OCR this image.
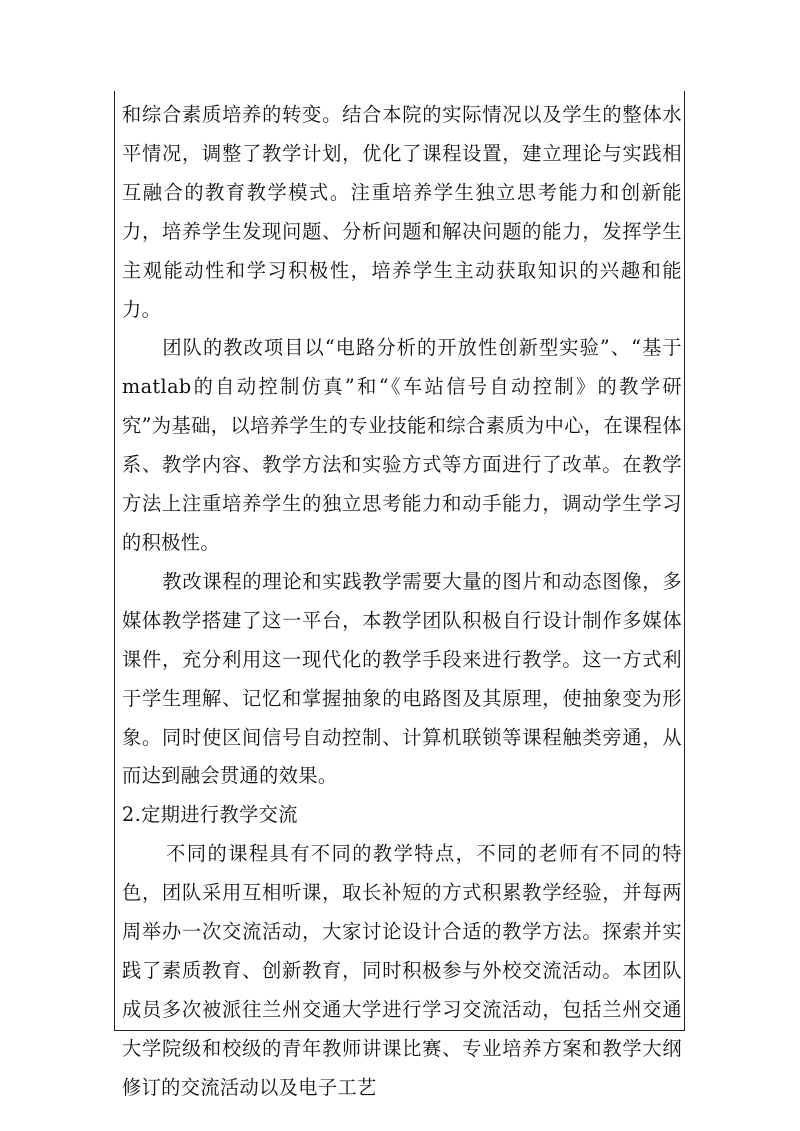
和综合素质培养的转变。结合本院的实际情况以及学生的整体水平情况，调整了教学计划，优化了课程设置，建立理论与实践相互融合的教育教学模式。注重培养学生独立思考能力和创新能力，培养学生发现问题、分析问题和解决问题的能力，发挥学生主观能动性和学习积极性，培养学生主动获取知识的兴趣和能力。

团队的教改项目以“电路分析的开放性创新型实验”、“基于matlab的自动控制仿真”和“《车站信号自动控制》的教学研究”为基础，以培养学生的专业技能和综合素质为中心，在课程体系、教学内容、教学方法和实验方式等方面进行了改革。在教学方法上注重培养学生的独立思考能力和动手能力，调动学生学习的积极性。

教改课程的理论和实践教学需要大量的图片和动态图像，多媒体教学搭建了这一平台，本教学团队积极自行设计制作多媒体课件，充分利用这一现代化的教学手段来进行教学。这一方式利于学生理解、记忆和掌握抽象的电路图及其原理，使抽象变为形象。同时使区间信号自动控制、计算机联锁等课程触类旁通，从而达到融会贯通的效果。

2.定期进行教学交流

不同的课程具有不同的教学特点，不同的老师有不同的特色，团队采用互相听课，取长补短的方式积累教学经验，并每两周举办一次交流活动，大家讨论设计合适的教学方法。探索并实践了素质教育、创新教育，同时积极参与外校交流活动。本团队成员多次被派往兰州交通大学进行学习交流活动，包括兰州交通大学院级和校级的青年教师讲课比赛、专业培养方案和教学大纲修订的交流活动以及电子工艺
